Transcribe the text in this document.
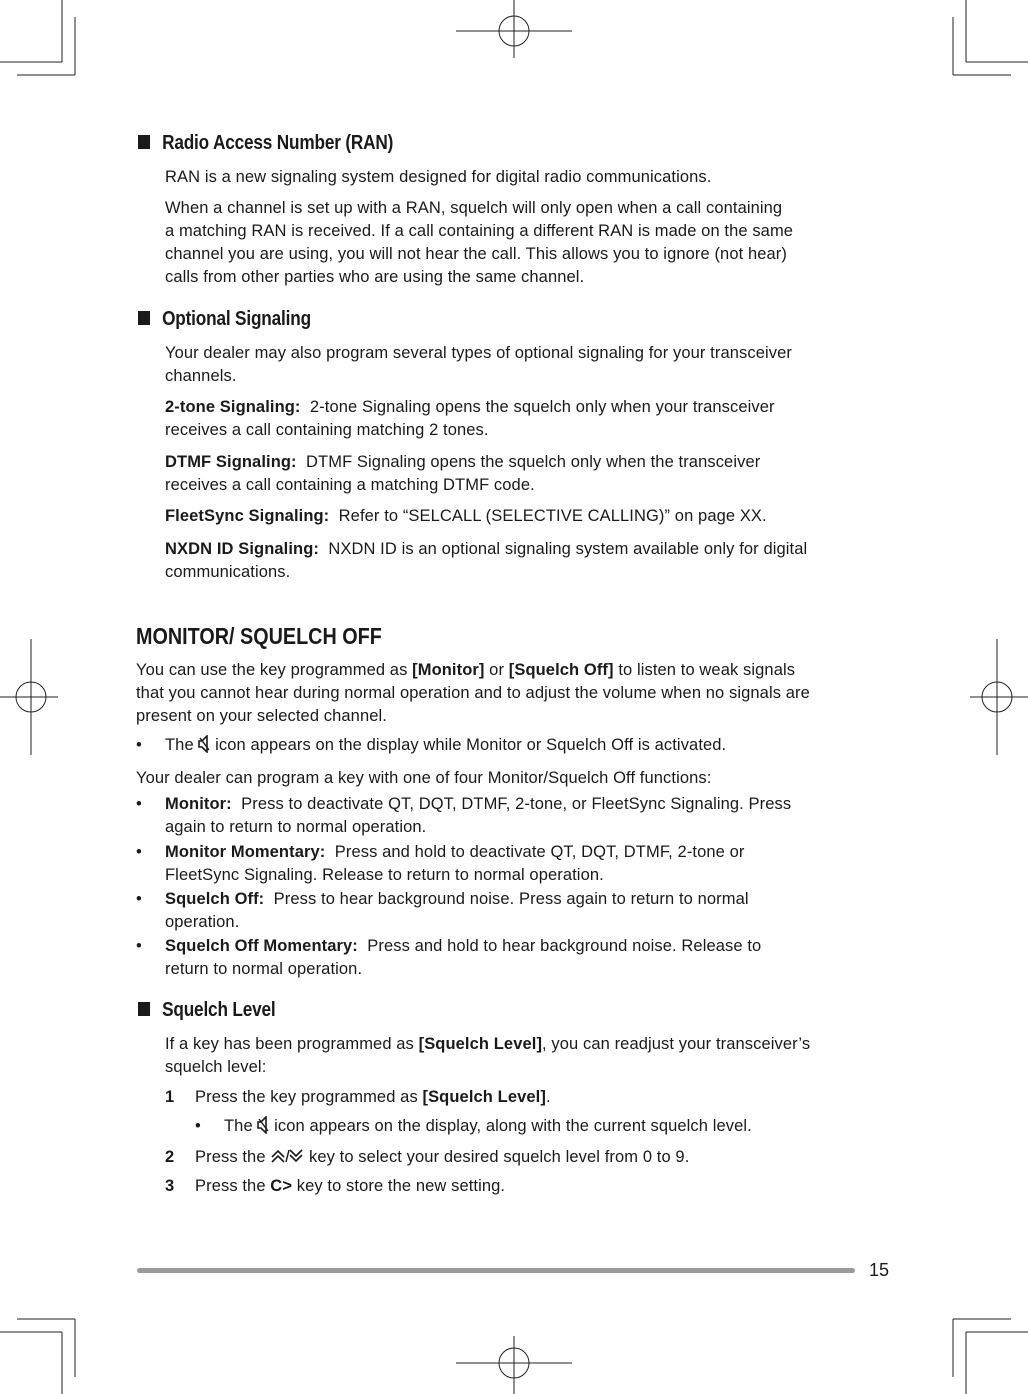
Radio Access Number (RAN)
RAN is a new signaling system designed for digital radio communications.
When a channel is set up with a RAN, squelch will only open when a call containing
a matching RAN is received. If a call containing a different RAN is made on the same
channel you are using, you will not hear the call. This allows you to ignore (not hear)
calls from other parties who are using the same channel.
Optional Signaling
Your dealer may also program several types of optional signaling for your transceiver
channels.
2-tone Signaling: 2-tone Signaling opens the squelch only when your transceiver
receives a call containing matching 2 tones.
DTMF Signaling: DTMF Signaling opens the squelch only when the transceiver
receives a call containing a matching DTMF code.
FleetSync Signaling: Refer to “SELCALL (SELECTIVE CALLING)” on page XX.
NXDN ID Signaling: NXDN ID is an optional signaling system available only for digital
communications.
MONITOR/ SQUELCH OFF
You can use the key programmed as [Monitor] or [Squelch Off] to listen to weak signals
that you cannot hear during normal operation and to adjust the volume when no signals are
present on your selected channel.
• The icon appears on the display while Monitor or Squelch Off is activated.
Your dealer can program a key with one of four Monitor/Squelch Off functions:
• Monitor: Press to deactivate QT, DQT, DTMF, 2-tone, or FleetSync Signaling. Press
again to return to normal operation.
• Monitor Momentary: Press and hold to deactivate QT, DQT, DTMF, 2-tone or
FleetSync Signaling. Release to return to normal operation.
• Squelch Off: Press to hear background noise. Press again to return to normal
operation.
• Squelch Off Momentary: Press and hold to hear background noise. Release to
return to normal operation.
Squelch Level
If a key has been programmed as [Squelch Level], you can readjust your transceiver’s
squelch level:
1 Press the key programmed as [Squelch Level].
• The icon appears on the display, along with the current squelch level.
2 Press the	key to select your desired squelch level from 0 to 9.
3 Press the C> key to store the new setting.
15
